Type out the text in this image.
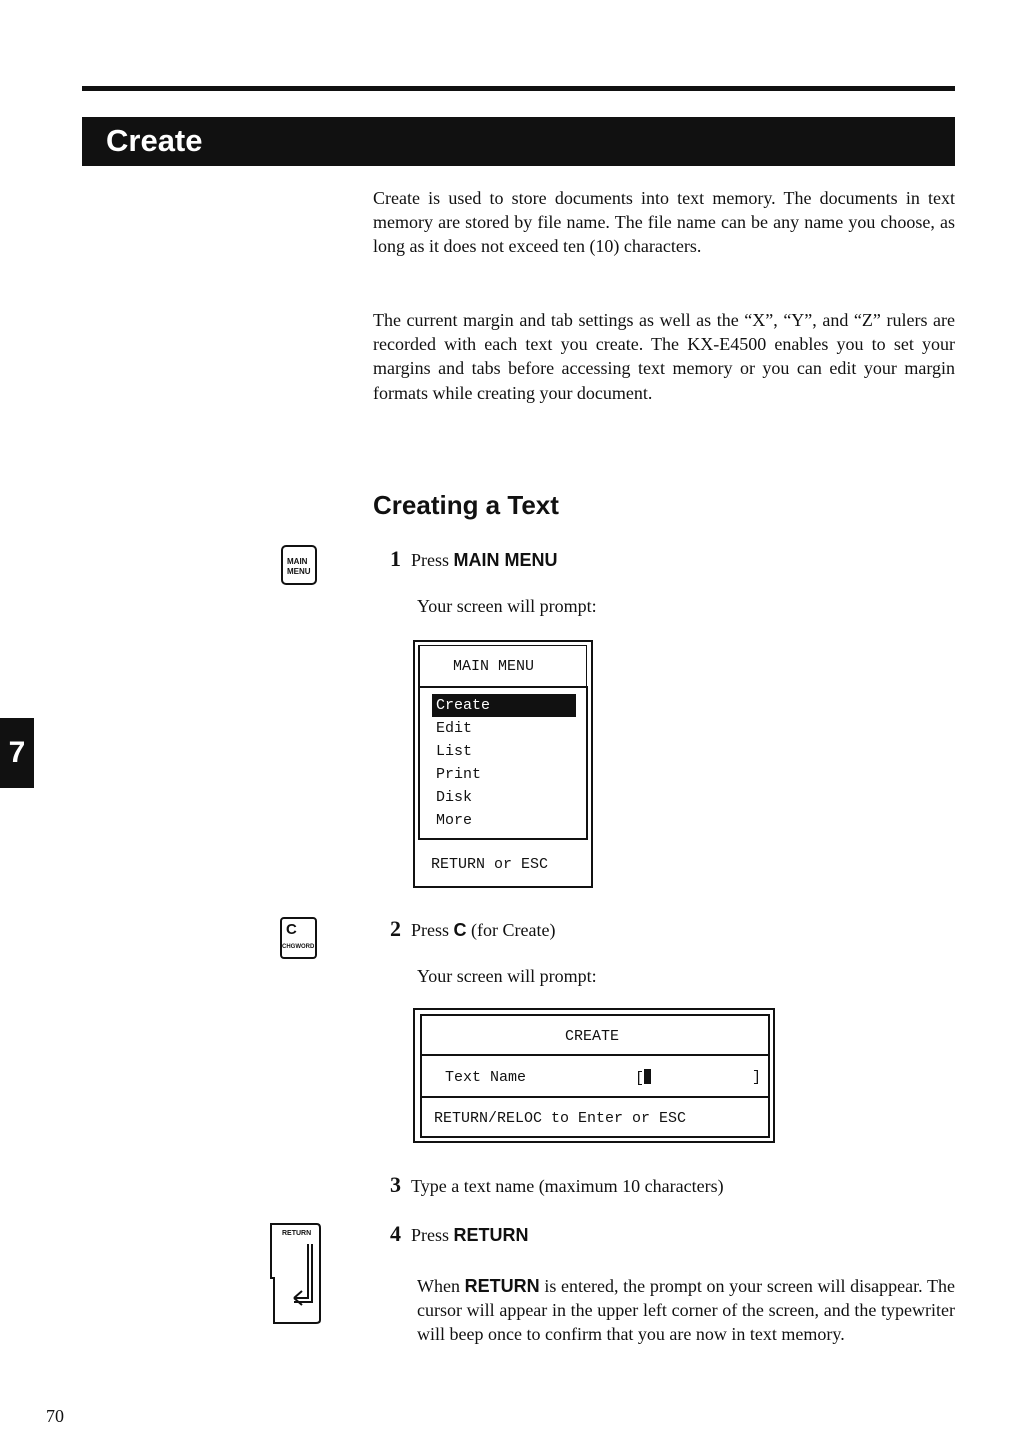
Create
Create is used to store documents into text memory. The documents in text memory are stored by file name. The file name can be any name you choose, as long as it does not exceed ten (10) characters.
The current margin and tab settings as well as the “X”, “Y”, and “Z” rulers are recorded with each text you create. The KX-E4500 enables you to set your margins and tabs before accessing text memory or you can edit your margin formats while creating your document.
Creating a Text
MAIN
MENU
C
CHGWORD
RETURN
1 Press MAIN MENU
Your screen will prompt:
MAIN MENU
Create
Edit
List
Print
Disk
More
RETURN or ESC
2 Press C (for Create)
Your screen will prompt:
CREATE
Text Name	[	]
RETURN/RELOC to Enter or ESC
3 Type a text name (maximum 10 characters)
4 Press RETURN
When RETURN is entered, the prompt on your screen will disappear. The cursor will appear in the upper left corner of the screen, and the typewriter will beep once to confirm that you are now in text memory.
7
70
